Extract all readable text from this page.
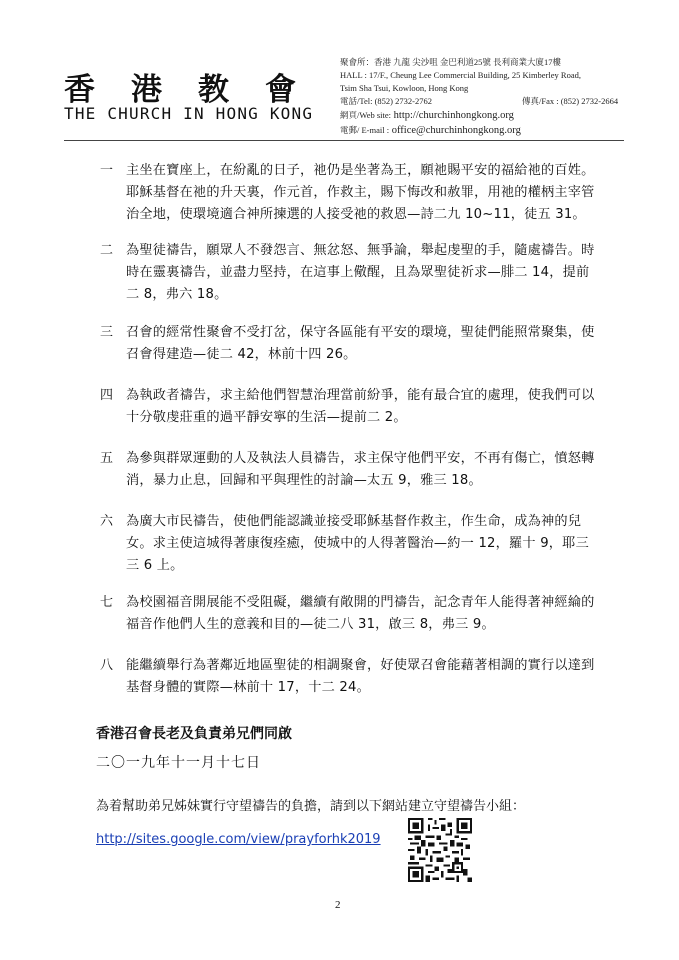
香港教會
THE CHURCH IN HONG KONG
聚會所：香港 九龍 尖沙咀 金巴利道25號 長利商業大廈17樓
HALL : 17/F., Cheung Lee Commercial Building, 25 Kimberley Road,
Tsim Sha Tsui, Kowloon, Hong Kong
電話/Tel: (852) 2732-2762	傳真/Fax : (852) 2732-2664
網頁/Web site: http://churchinhongkong.org
電郵/ E-mail : office@churchinhongkong.org
一 主坐在寶座上，在紛亂的日子，祂仍是坐著為王，願祂賜平安的福給祂的百姓。耶穌基督在祂的升天裏，作元首，作救主，賜下悔改和赦罪，用祂的權柄主宰管治全地，使環境適合神所揀選的人接受祂的救恩—詩二九 10~11，徒五 31。
二 為聖徒禱告，願眾人不發怨言、無忿怒、無爭論，舉起虔聖的手，隨處禱告。時時在靈裏禱告，並盡力堅持，在這事上儆醒，且為眾聖徒祈求—腓二 14，提前二 8，弗六 18。
三 召會的經常性聚會不受打岔，保守各區能有平安的環境，聖徒們能照常聚集，使召會得建造—徒二 42，林前十四 26。
四 為執政者禱告，求主給他們智慧治理當前紛爭，能有最合宜的處理，使我們可以十分敬虔莊重的過平靜安寧的生活—提前二 2。
五 為參與群眾運動的人及執法人員禱告，求主保守他們平安，不再有傷亡，憤怒轉消，暴力止息，回歸和平與理性的討論—太五 9，雅三 18。
六 為廣大市民禱告，使他們能認識並接受耶穌基督作救主，作生命，成為神的兒女。求主使這城得著康復痊癒，使城中的人得著醫治—約一 12，羅十 9，耶三三 6 上。
七 為校園福音開展能不受阻礙，繼續有敞開的門禱告，記念青年人能得著神經綸的福音作他們人生的意義和目的—徒二八 31，啟三 8，弗三 9。
八 能繼續舉行為著鄰近地區聖徒的相調聚會，好使眾召會能藉著相調的實行以達到基督身體的實際—林前十 17，十二 24。
香港召會長老及負責弟兄們同啟
二〇一九年十一月十七日
為着幫助弟兄姊妹實行守望禱告的負擔，請到以下網站建立守望禱告小組：
http://sites.google.com/view/prayforhk2019
2
